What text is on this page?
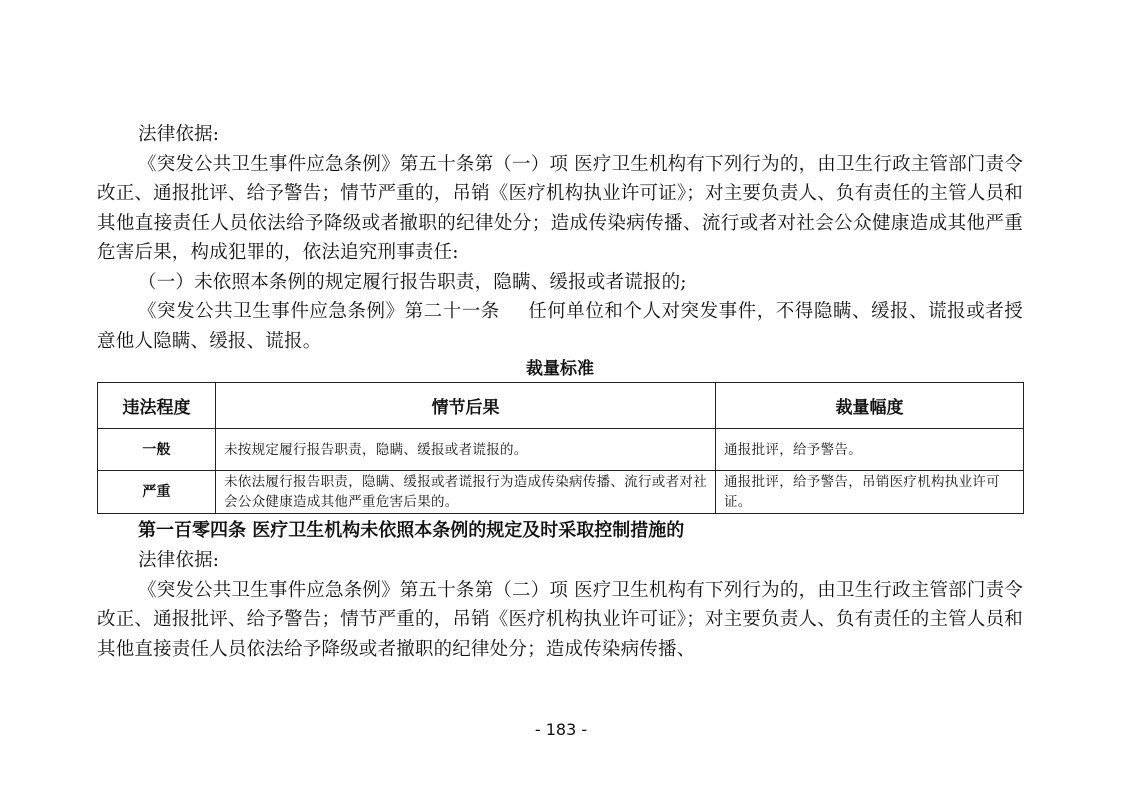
法律依据:

《突发公共卫生事件应急条例》第五十条第（一）项 医疗卫生机构有下列行为的，由卫生行政主管部门责令改正、通报批评、给予警告；情节严重的，吊销《医疗机构执业许可证》；对主要负责人、负有责任的主管人员和其他直接责任人员依法给予降级或者撤职的纪律处分；造成传染病传播、流行或者对社会公众健康造成其他严重危害后果，构成犯罪的，依法追究刑事责任:

（一）未依照本条例的规定履行报告职责，隐瞒、缓报或者谎报的;

《突发公共卫生事件应急条例》第二十一条 任何单位和个人对突发事件，不得隐瞒、缓报、谎报或者授意他人隐瞒、缓报、谎报。

裁量标准
违法程度	情节后果	裁量幅度
一般	未按规定履行报告职责，隐瞒、缓报或者谎报的。	通报批评，给予警告。
严重	未依法履行报告职责，隐瞒、缓报或者谎报行为造成传染病传播、流行或者对社会公众健康造成其他严重危害后果的。	通报批评，给予警告，吊销医疗机构执业许可证。

第一百零四条 医疗卫生机构未依照本条例的规定及时采取控制措施的

法律依据:

《突发公共卫生事件应急条例》第五十条第（二）项 医疗卫生机构有下列行为的，由卫生行政主管部门责令改正、通报批评、给予警告；情节严重的，吊销《医疗机构执业许可证》；对主要负责人、负有责任的主管人员和其他直接责任人员依法给予降级或者撤职的纪律处分；造成传染病传播、

- 183 -
